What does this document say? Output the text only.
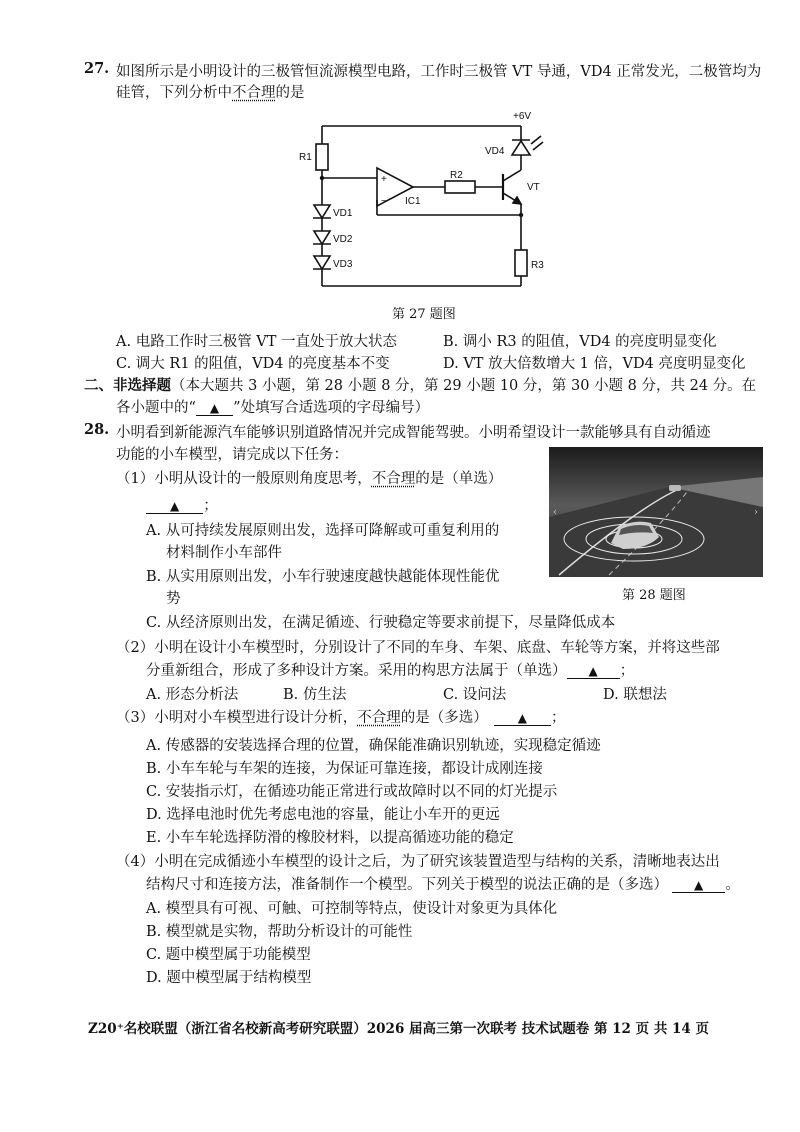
27. 如图所示是小明设计的三极管恒流源模型电路，工作时三极管 VT 导通，VD4 正常发光，二极管均为
硅管，下列分析中不合理的是
+6V
R1
R2
R3
VD1
VD2
VD3
VD4
VT
IC1
+
−
第 27 题图
A. 电路工作时三极管 VT 一直处于放大状态	B. 调小 R3 的阻值，VD4 的亮度明显变化
C. 调大 R1 的阻值，VD4 的亮度基本不变	D. VT 放大倍数增大 1 倍，VD4 亮度明显变化
二、非选择题（本大题共 3 小题，第 28 小题 8 分，第 29 小题 10 分，第 30 小题 8 分，共 24 分。在
各小题中的“ ▲ ”处填写合适选项的字母编号）
28. 小明看到新能源汽车能够识别道路情况并完成智能驾驶。小明希望设计一款能够具有自动循迹
功能的小车模型，请完成以下任务：
‹	›
第 28 题图
（1）小明从设计的一般原则角度思考，不合理的是（单选）
▲ ；
A. 从可持续发展原则出发，选择可降解或可重复利用的
材料制作小车部件
B. 从实用原则出发，小车行驶速度越快越能体现性能优
势
C. 从经济原则出发，在满足循迹、行驶稳定等要求前提下，尽量降低成本
（2）小明在设计小车模型时，分别设计了不同的车身、车架、底盘、车轮等方案，并将这些部
分重新组合，形成了多种设计方案。采用的构思方法属于（单选） ▲ ；
A. 形态分析法	B. 仿生法	C. 设问法	D. 联想法
（3）小明对小车模型进行设计分析，不合理的是（多选）	▲ ；
A. 传感器的安装选择合理的位置，确保能准确识别轨迹，实现稳定循迹
B. 小车车轮与车架的连接，为保证可靠连接，都设计成刚连接
C. 安装指示灯，在循迹功能正常进行或故障时以不同的灯光提示
D. 选择电池时优先考虑电池的容量，能让小车开的更远
E. 小车车轮选择防滑的橡胶材料，以提高循迹功能的稳定
（4）小明在完成循迹小车模型的设计之后，为了研究该装置造型与结构的关系，清晰地表达出
结构尺寸和连接方法，准备制作一个模型。下列关于模型的说法正确的是（多选） ▲ 。
A. 模型具有可视、可触、可控制等特点，使设计对象更为具体化
B. 模型就是实物，帮助分析设计的可能性
C. 题中模型属于功能模型
D. 题中模型属于结构模型
Z20⁺名校联盟（浙江省名校新高考研究联盟）2026 届高三第一次联考 技术试题卷 第 12 页 共 14 页
